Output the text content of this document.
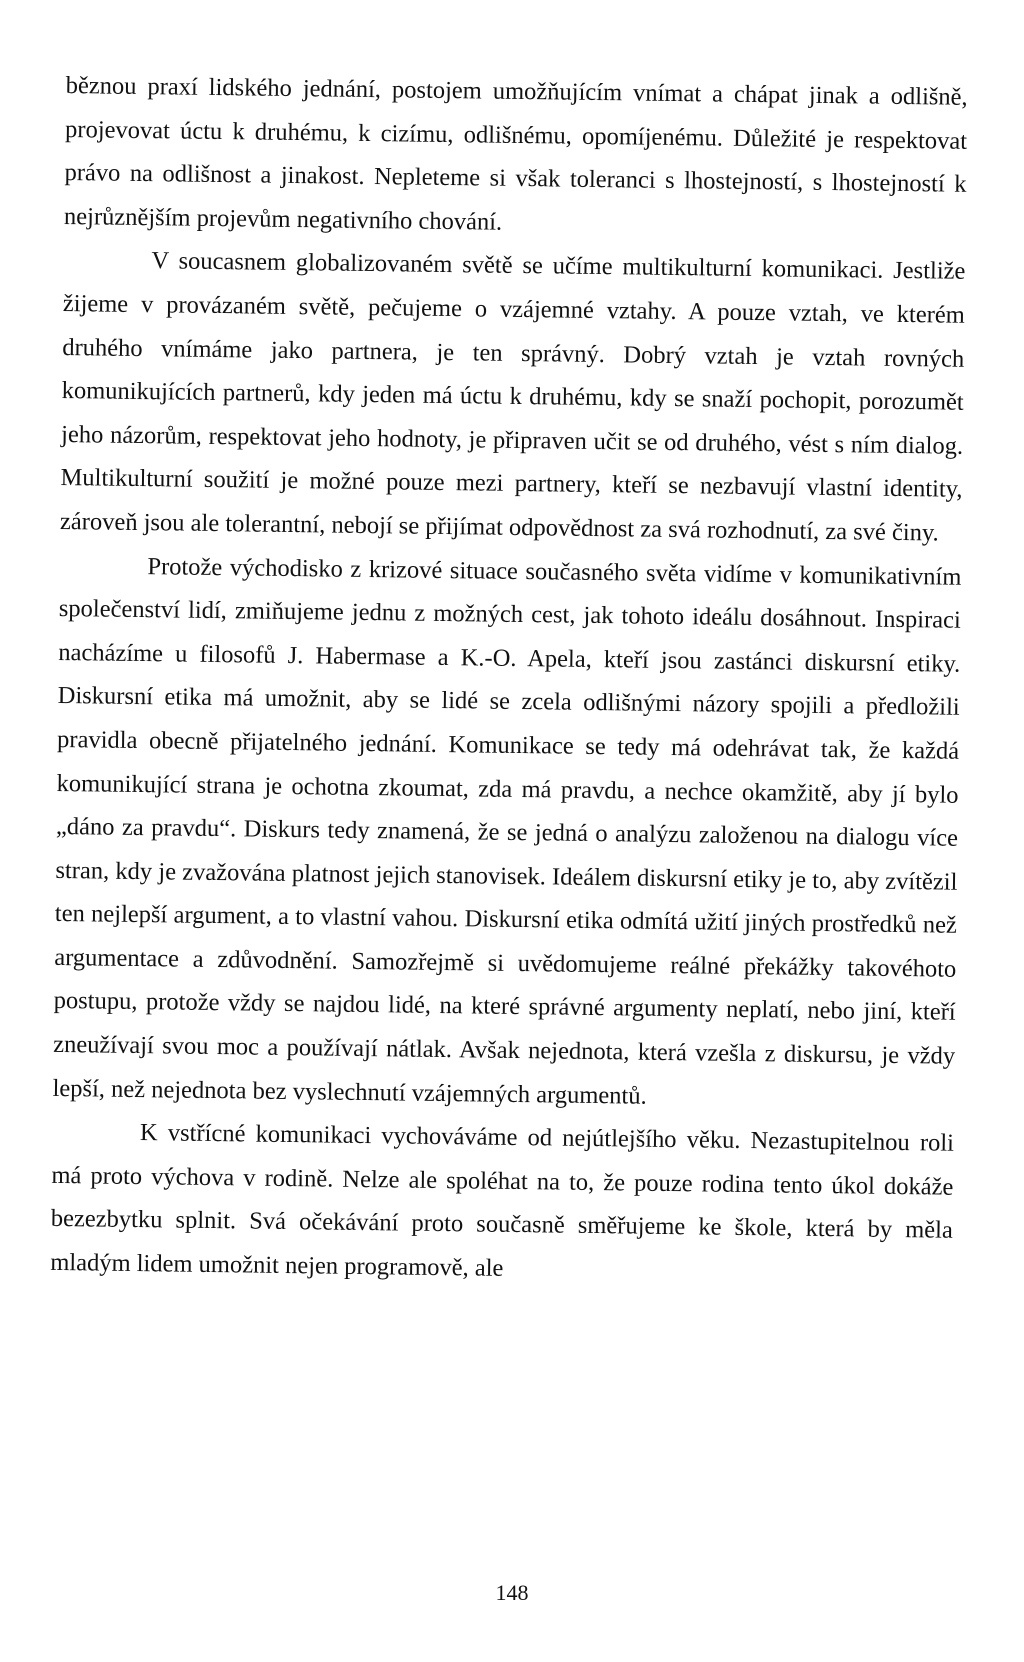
běznou praxí lidského jednání, postojem umožňujícím vnímat a chápat jinak a odlišně, projevovat úctu k druhému, k cizímu, odlišnému, opomíjenému. Důležité je respektovat právo na odlišnost a jinakost. Nepleteme si však toleranci s lhostejností, s lhostejností k nejrůznějším projevům negativního chování.

V soucasnem globalizovaném světě se učíme multikulturní komunikaci. Jestliže žijeme v provázaném světě, pečujeme o vzájemné vztahy. A pouze vztah, ve kterém druhého vnímáme jako partnera, je ten správný. Dobrý vztah je vztah rovných komunikujících partnerů, kdy jeden má úctu k druhému, kdy se snaží pochopit, porozumět jeho názorům, respektovat jeho hodnoty, je připraven učit se od druhého, vést s ním dialog. Multikulturní soužití je možné pouze mezi partnery, kteří se nezbavují vlastní identity, zároveň jsou ale tolerantní, nebojí se přijímat odpovědnost za svá rozhodnutí, za své činy.

Protože východisko z krizové situace současného světa vidíme v komunikativním společenství lidí, zmiňujeme jednu z možných cest, jak tohoto ideálu dosáhnout. Inspiraci nacházíme u filosofů J. Habermase a K.-O. Apela, kteří jsou zastánci diskursní etiky. Diskursní etika má umožnit, aby se lidé se zcela odlišnými názory spojili a předložili pravidla obecně přijatelného jednání. Komunikace se tedy má odehrávat tak, že každá komunikující strana je ochotna zkoumat, zda má pravdu, a nechce okamžitě, aby jí bylo „dáno za pravdu“. Diskurs tedy znamená, že se jedná o analýzu založenou na dialogu více stran, kdy je zvažována platnost jejich stanovisek. Ideálem diskursní etiky je to, aby zvítězil ten nejlepší argument, a to vlastní vahou. Diskursní etika odmítá užití jiných prostředků než argumentace a zdůvodnění. Samozřejmě si uvědomujeme reálné překážky takovéhoto postupu, protože vždy se najdou lidé, na které správné argumenty neplatí, nebo jiní, kteří zneužívají svou moc a používají nátlak. Avšak nejednota, která vzešla z diskursu, je vždy lepší, než nejednota bez vyslechnutí vzájemných argumentů.

K vstřícné komunikaci vychováváme od nejútlejšího věku. Nezastupitelnou roli má proto výchova v rodině. Nelze ale spoléhat na to, že pouze rodina tento úkol dokáže bezezbytku splnit. Svá očekávání proto současně směřujeme ke škole, která by měla mladým lidem umožnit nejen programově, ale

148
